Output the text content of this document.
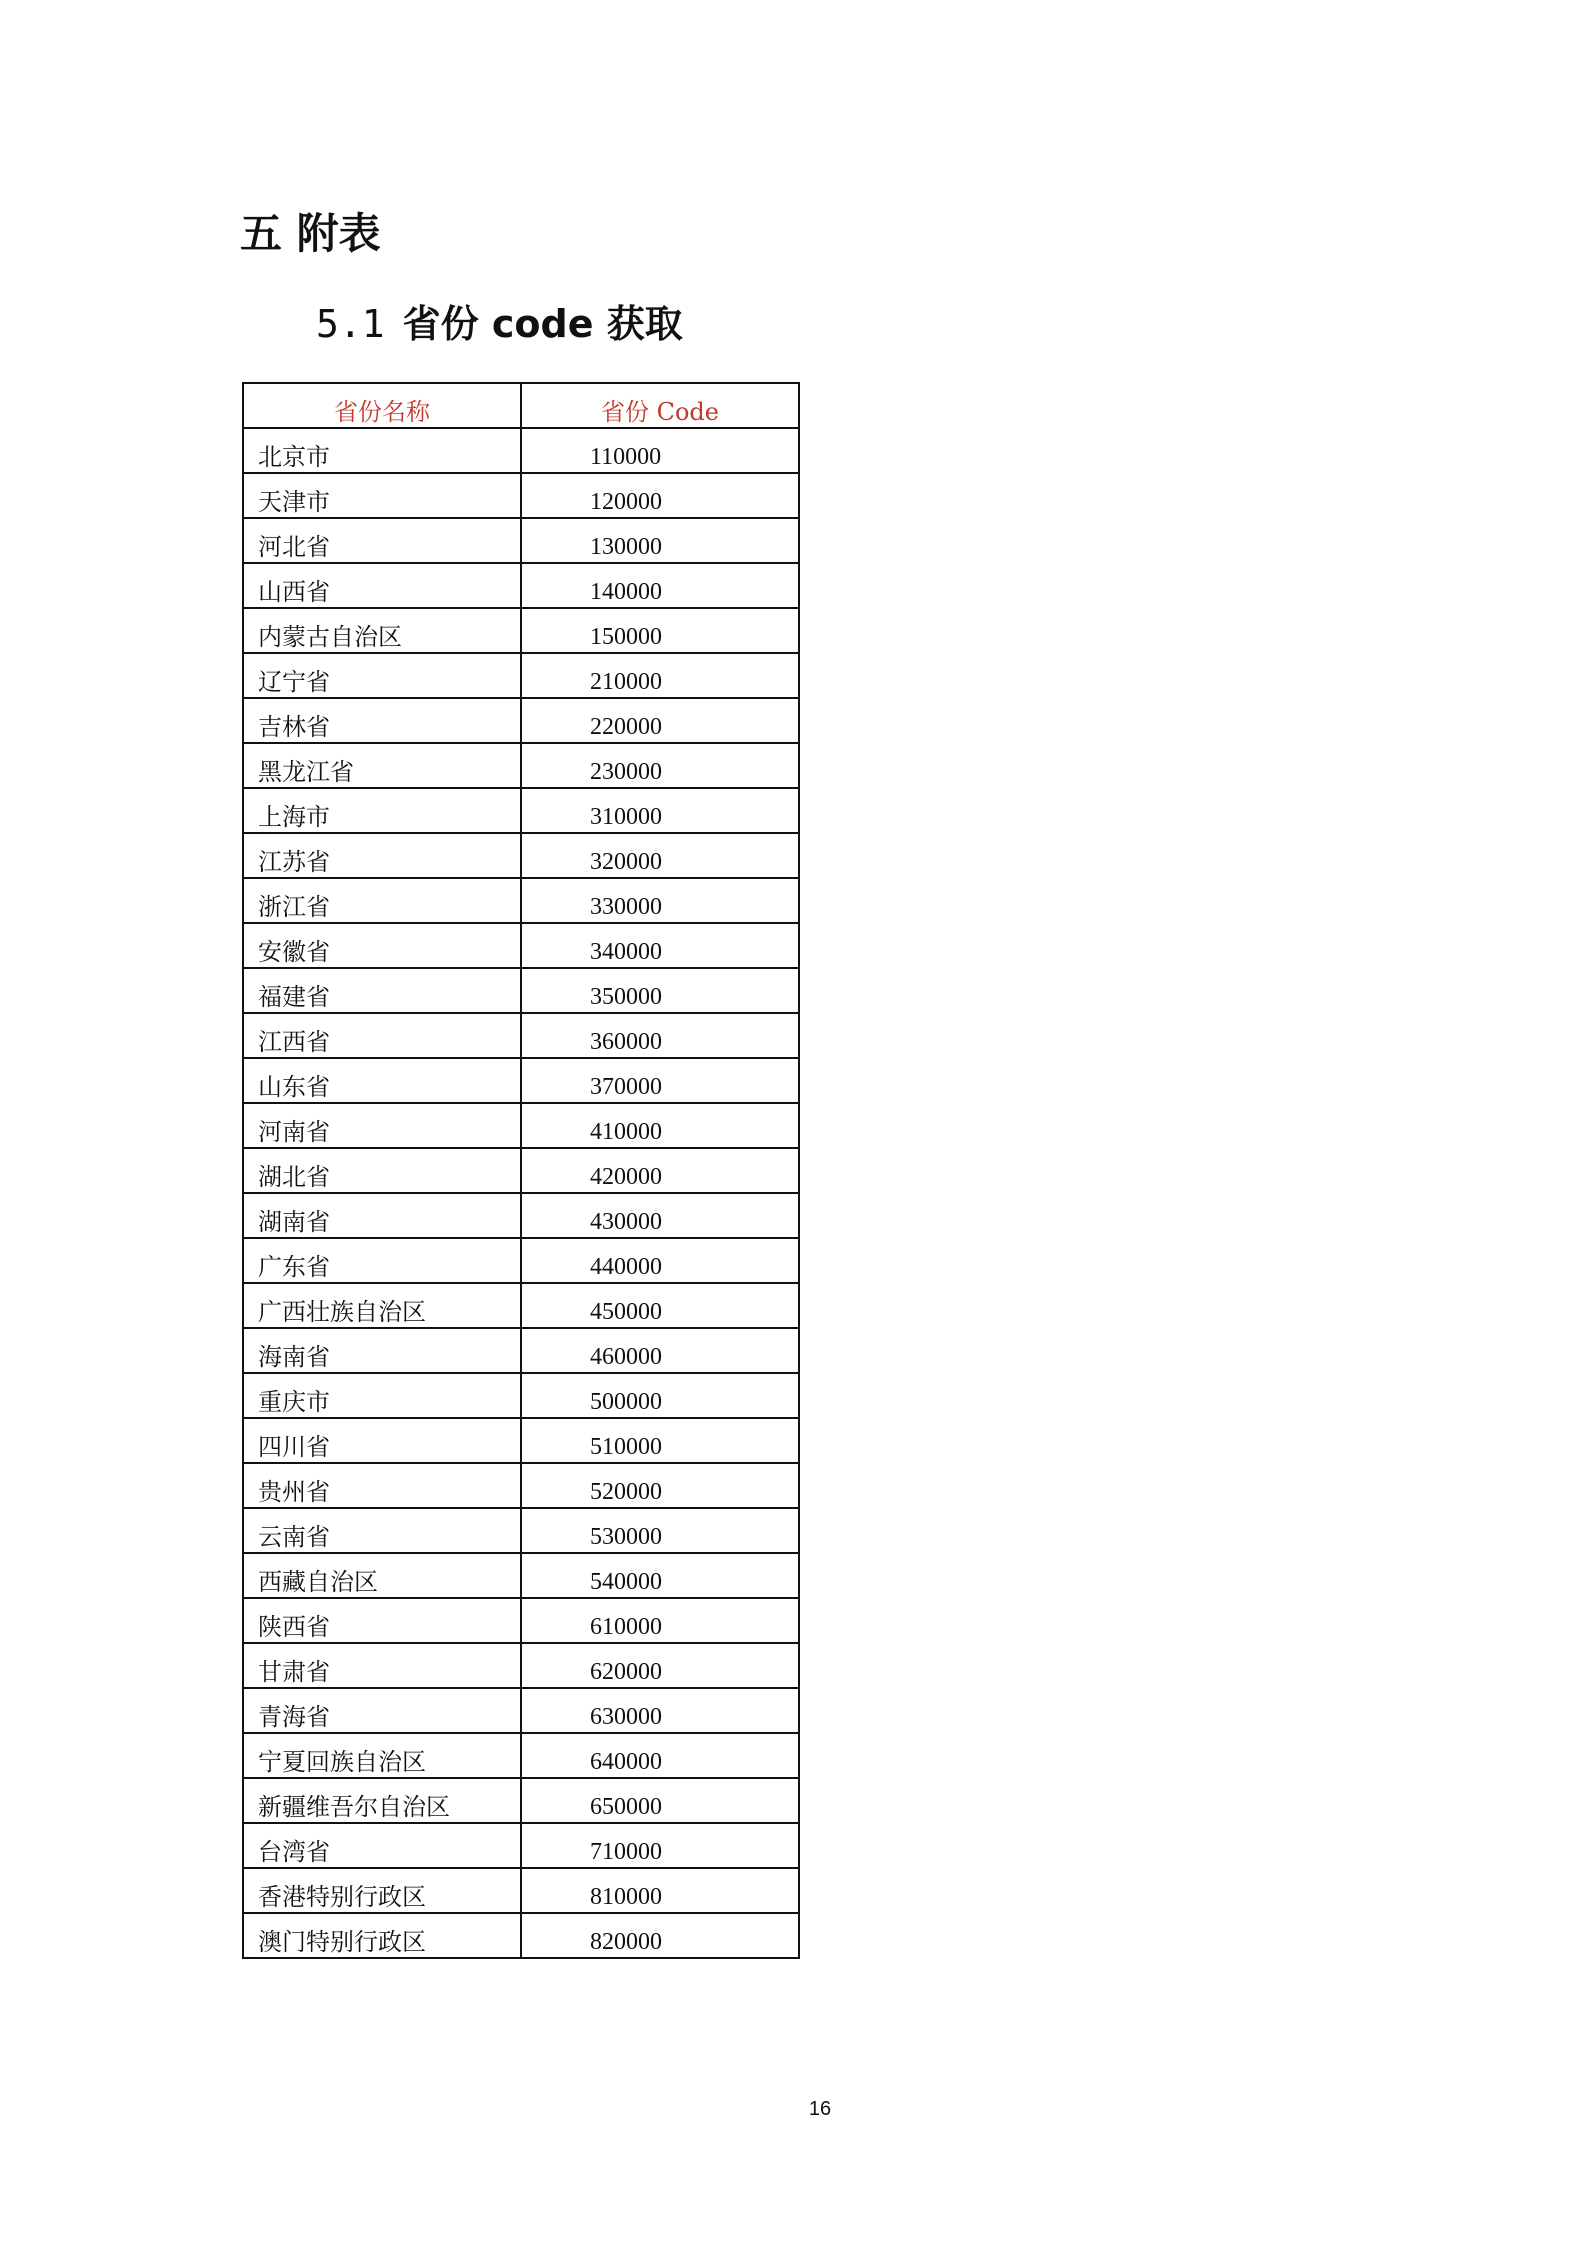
五 附表
5.1 省份 code 获取
省份名称	省份 Code
北京市	110000
天津市	120000
河北省	130000
山西省	140000
内蒙古自治区	150000
辽宁省	210000
吉林省	220000
黑龙江省	230000
上海市	310000
江苏省	320000
浙江省	330000
安徽省	340000
福建省	350000
江西省	360000
山东省	370000
河南省	410000
湖北省	420000
湖南省	430000
广东省	440000
广西壮族自治区	450000
海南省	460000
重庆市	500000
四川省	510000
贵州省	520000
云南省	530000
西藏自治区	540000
陕西省	610000
甘肃省	620000
青海省	630000
宁夏回族自治区	640000
新疆维吾尔自治区	650000
台湾省	710000
香港特别行政区	810000
澳门特别行政区	820000
16
